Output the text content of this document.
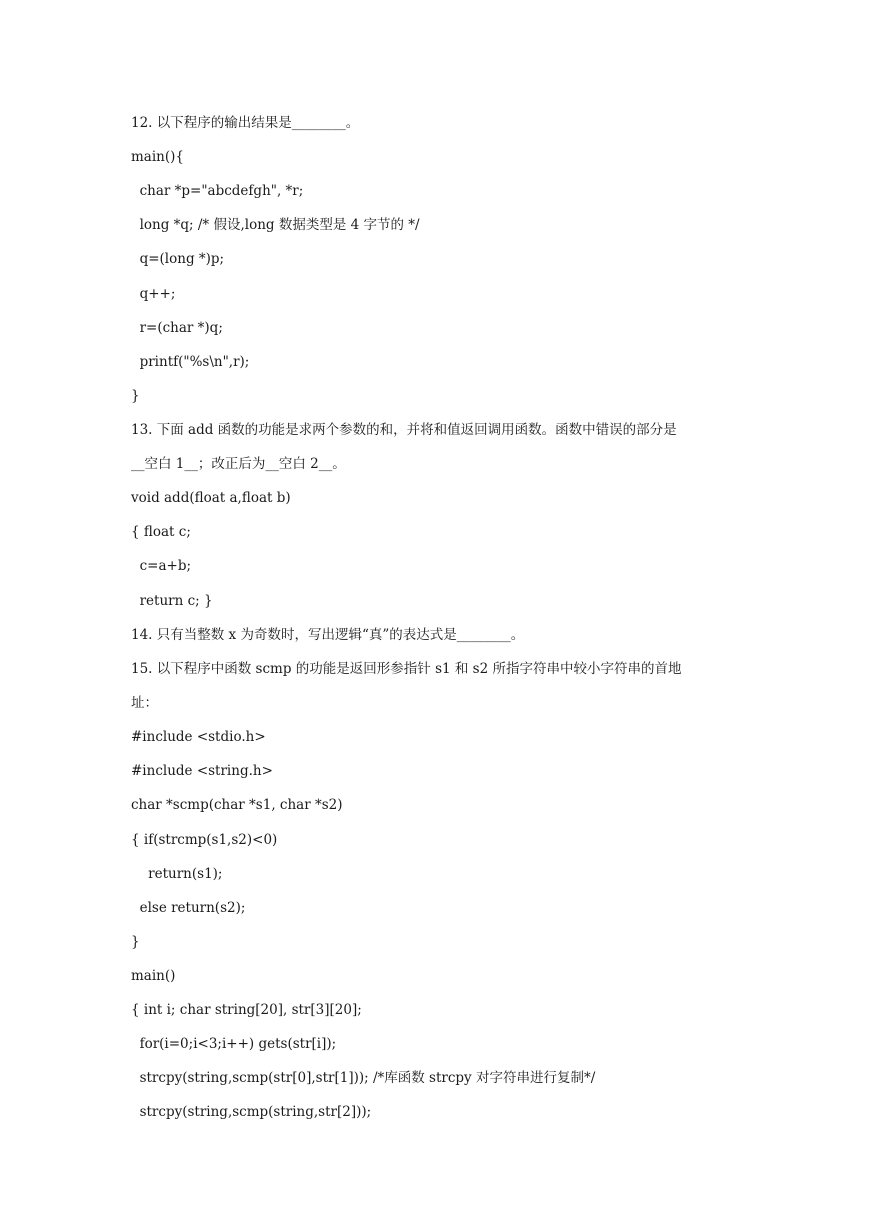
12. 以下程序的输出结果是________。
main(){
char *p="abcdefgh", *r;
long *q; /* 假设,long 数据类型是 4 字节的 */
q=(long *)p;
q++;
r=(char *)q;
printf("%s\n",r);
}
13. 下面 add 函数的功能是求两个参数的和，并将和值返回调用函数。函数中错误的部分是
__空白 1__；改正后为__空白 2__。
void add(float a,float b)
{ float c;
c=a+b;
return c; }
14. 只有当整数 x 为奇数时，写出逻辑“真”的表达式是________。
15. 以下程序中函数 scmp 的功能是返回形参指针 s1 和 s2 所指字符串中较小字符串的首地
址：
#include <stdio.h>
#include <string.h>
char *scmp(char *s1, char *s2)
{ if(strcmp(s1,s2)<0)
return(s1);
else return(s2);
}
main()
{ int i; char string[20], str[3][20];
for(i=0;i<3;i++) gets(str[i]);
strcpy(string,scmp(str[0],str[1])); /*库函数 strcpy 对字符串进行复制*/
strcpy(string,scmp(string,str[2]));
